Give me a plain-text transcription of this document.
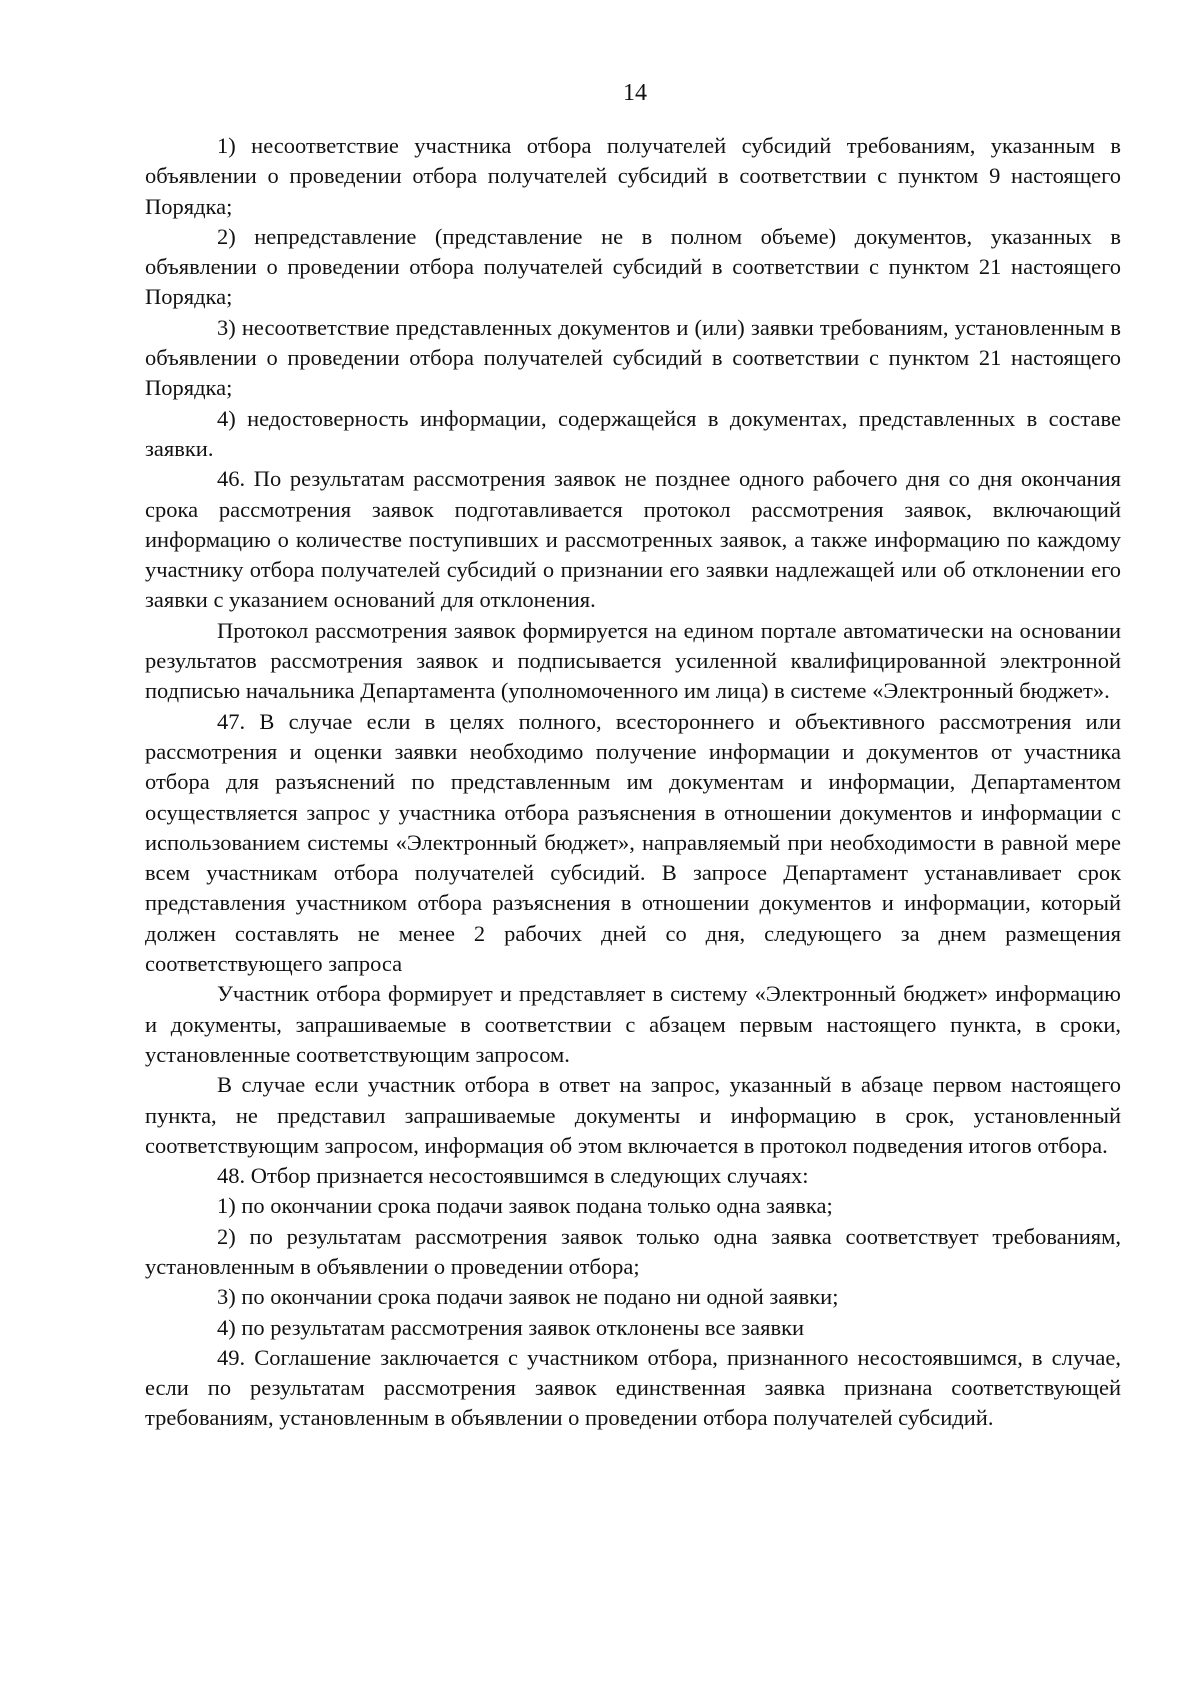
14

1) несоответствие участника отбора получателей субсидий требованиям, указанным в объявлении о проведении отбора получателей субсидий в соответствии с пунктом 9 настоящего Порядка;

2) непредставление (представление не в полном объеме) документов, указанных в объявлении о проведении отбора получателей субсидий в соответствии с пунктом 21 настоящего Порядка;

3) несоответствие представленных документов и (или) заявки требованиям, установленным в объявлении о проведении отбора получателей субсидий в соответствии с пунктом 21 настоящего Порядка;

4) недостоверность информации, содержащейся в документах, представленных в составе заявки.

46. По результатам рассмотрения заявок не позднее одного рабочего дня со дня окончания срока рассмотрения заявок подготавливается протокол рассмотрения заявок, включающий информацию о количестве поступивших и рассмотренных заявок, а также информацию по каждому участнику отбора получателей субсидий о признании его заявки надлежащей или об отклонении его заявки с указанием оснований для отклонения.

Протокол рассмотрения заявок формируется на едином портале автоматически на основании результатов рассмотрения заявок и подписывается усиленной квалифицированной электронной подписью начальника Департамента (уполномоченного им лица) в системе «Электронный бюджет».

47. В случае если в целях полного, всестороннего и объективного рассмотрения или рассмотрения и оценки заявки необходимо получение информации и документов от участника отбора для разъяснений по представленным им документам и информации, Департаментом осуществляется запрос у участника отбора разъяснения в отношении документов и информации с использованием системы «Электронный бюджет», направляемый при необходимости в равной мере всем участникам отбора получателей субсидий. В запросе Департамент устанавливает срок представления участником отбора разъяснения в отношении документов и информации, который должен составлять не менее 2 рабочих дней со дня, следующего за днем размещения соответствующего запроса

Участник отбора формирует и представляет в систему «Электронный бюджет» информацию и документы, запрашиваемые в соответствии с абзацем первым настоящего пункта, в сроки, установленные соответствующим запросом.

В случае если участник отбора в ответ на запрос, указанный в абзаце первом настоящего пункта, не представил запрашиваемые документы и информацию в срок, установленный соответствующим запросом, информация об этом включается в протокол подведения итогов отбора.

48. Отбор признается несостоявшимся в следующих случаях:

1) по окончании срока подачи заявок подана только одна заявка;

2) по результатам рассмотрения заявок только одна заявка соответствует требованиям, установленным в объявлении о проведении отбора;

3) по окончании срока подачи заявок не подано ни одной заявки;

4) по результатам рассмотрения заявок отклонены все заявки

49. Соглашение заключается с участником отбора, признанного несостоявшимся, в случае, если по результатам рассмотрения заявок единственная заявка признана соответствующей требованиям, установленным в объявлении о проведении отбора получателей субсидий.
